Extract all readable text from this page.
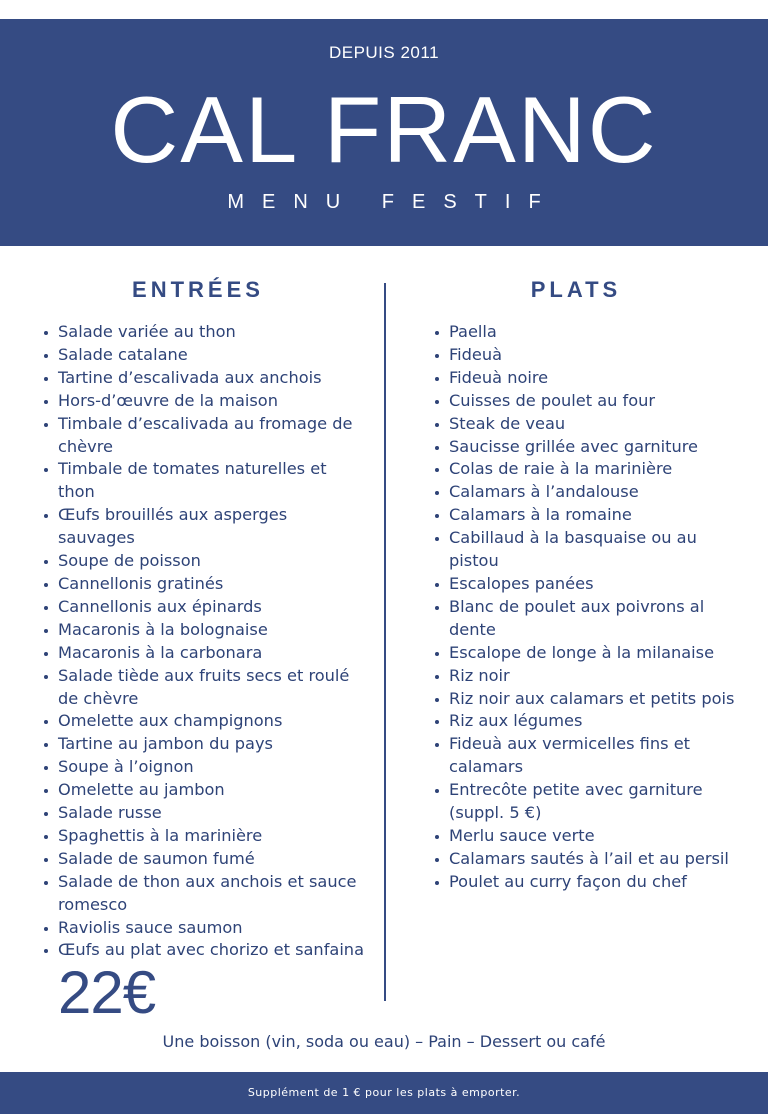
DEPUIS 2011
CAL FRANC
MENU FESTIF
ENTRÉES	PLATS
Salade variée au thon
Salade catalane
Tartine d’escalivada aux anchois
Hors-d’œuvre de la maison
Timbale d’escalivada au fromage de chèvre
Timbale de tomates naturelles et thon
Œufs brouillés aux asperges sauvages
Soupe de poisson
Cannellonis gratinés
Cannellonis aux épinards
Macaronis à la bolognaise
Macaronis à la carbonara
Salade tiède aux fruits secs et roulé de chèvre
Omelette aux champignons
Tartine au jambon du pays
Soupe à l’oignon
Omelette au jambon
Salade russe
Spaghettis à la marinière
Salade de saumon fumé
Salade de thon aux anchois et sauce romesco
Raviolis sauce saumon
Œufs au plat avec chorizo et sanfaina
Paella
Fideuà
Fideuà noire
Cuisses de poulet au four
Steak de veau
Saucisse grillée avec garniture
Colas de raie à la marinière
Calamars à l’andalouse
Calamars à la romaine
Cabillaud à la basquaise ou au pistou
Escalopes panées
Blanc de poulet aux poivrons al dente
Escalope de longe à la milanaise
Riz noir
Riz noir aux calamars et petits pois
Riz aux légumes
Fideuà aux vermicelles fins et calamars
Entrecôte petite avec garniture (suppl. 5 €)
Merlu sauce verte
Calamars sautés à l’ail et au persil
Poulet au curry façon du chef
22€
Une boisson (vin, soda ou eau) – Pain – Dessert ou café
Supplément de 1 € pour les plats à emporter.
